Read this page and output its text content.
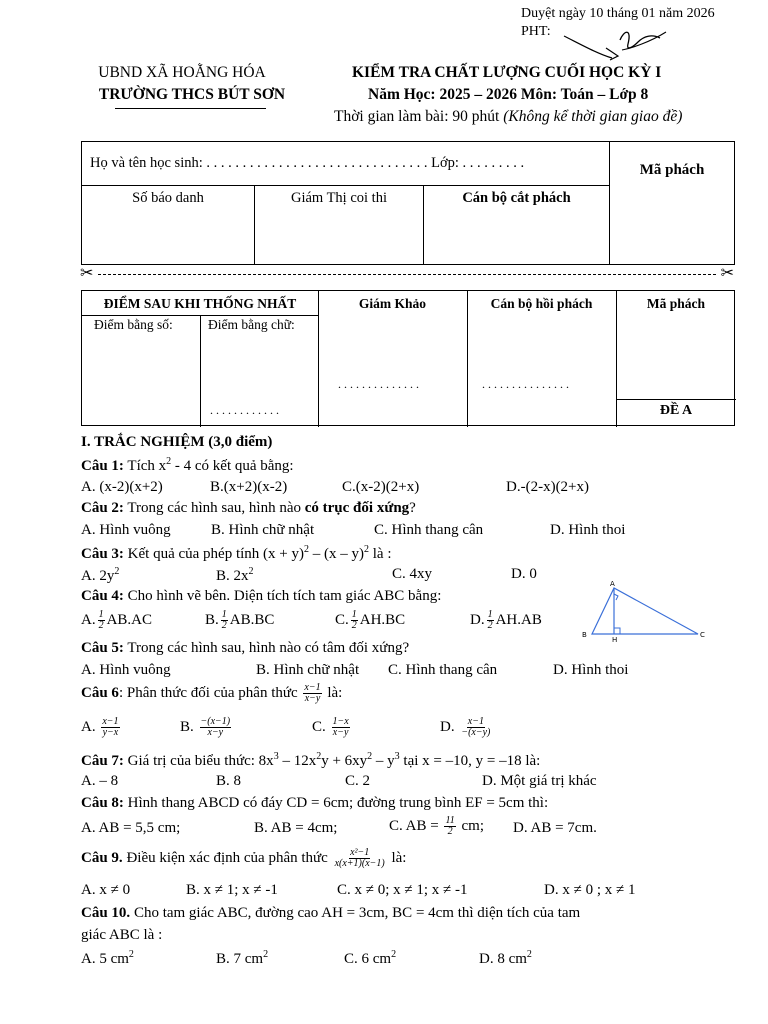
Duyệt ngày 10 tháng 01 năm 2026
PHT:
UBND XÃ HOẰNG HÓA
TRƯỜNG THCS BÚT SƠN
KIỂM TRA CHẤT LƯỢNG CUỐI HỌC KỲ I
Năm Học: 2025 – 2026 Môn: Toán – Lớp 8
Thời gian làm bài: 90 phút (Không kể thời gian giao đề)
Họ và tên học sinh: . . . . . . . . . . . . . . . . . . . . . . . . . . . . . . . Lớp: . . . . . . . . .			Mã phách
Số báo danh	Giám Thị coi thi	Cán bộ cắt phách	
✂	✂
ĐIỂM SAU KHI THỐNG NHẤT
Điểm bằng số:	Điểm bằng chữ:
. . . . . . . . . . . .
Giám Khảo
. . . . . . . . . . . . . .
Cán bộ hồi phách
. . . . . . . . . . . . . . .
Mã phách
ĐỀ A
I. TRẮC NGHIỆM (3,0 điểm)
Câu 1: Tích $x^2 - 4$ có kết quả bằng:
A. (x-2)(x+2)	B.(x+2)(x-2)	C.(x-2)(2+x)	D.-(2-x)(2+x)
Câu 2: Trong các hình sau, hình nào có trục đối xứng?
A. Hình vuông	B. Hình chữ nhật	C. Hình thang cân	D. Hình thoi
Câu 3: Kết quả của phép tính $(x + y)^2 - (x - y)^2$ là :
A. $2y^2$	B. $2x^2$	C. 4xy	D. 0
Câu 4: Cho hình vẽ bên. Diện tích tích tam giác ABC bằng:
A. $\frac{1}{2} AB.AC$	B. $\frac{1}{2} AB.BC$	C. $\frac{1}{2} AH.BC$	D. $\frac{1}{2} AH.AB$
A
B
H
C
Câu 5: Trong các hình sau, hình nào có tâm đối xứng?
A. Hình vuông	B. Hình chữ nhật C. Hình thang cân	D. Hình thoi
Câu 6: Phân thức đối của phân thức $\frac{x-1}{x-y}$ là:
A. $\frac{x-1}{y-x}$	B. $\frac{-(x-1)}{x-y}$	C. $\frac{1-x}{x-y}$	D. $\frac{x-1}{-(x-y)}$
Câu 7: Giá trị của biểu thức: $8x^3 - 12x^2y + 6xy^2 - y^3$ tại x = –10, y = –18 là:
A. – 8	B. 8	C. 2	D. Một giá trị khác
Câu 8: Hình thang ABCD có đáy CD = 6cm; đường trung bình EF = 5cm thì:
A. AB = 5,5 cm;	B. AB = 4cm;	C. AB = $\frac{11}{2}$ cm; D. AB = 7cm.
Câu 9. Điều kiện xác định của phân thức $\frac{\text{x²−1}}{x(x+1)(x-1)}$ là:
A. x ≠ 0	B. x ≠ 1; x ≠ -1	C. x ≠ 0; x ≠ 1; x ≠ -1	D. x ≠ 0 ; x ≠ 1
Câu 10. Cho tam giác ABC, đường cao AH = 3cm, BC = 4cm thì diện tích của tam
giác ABC là :
A. 5 $cm^2$	B. 7 $cm^2$	C. 6 $cm^2$	D. 8 $cm^2$
